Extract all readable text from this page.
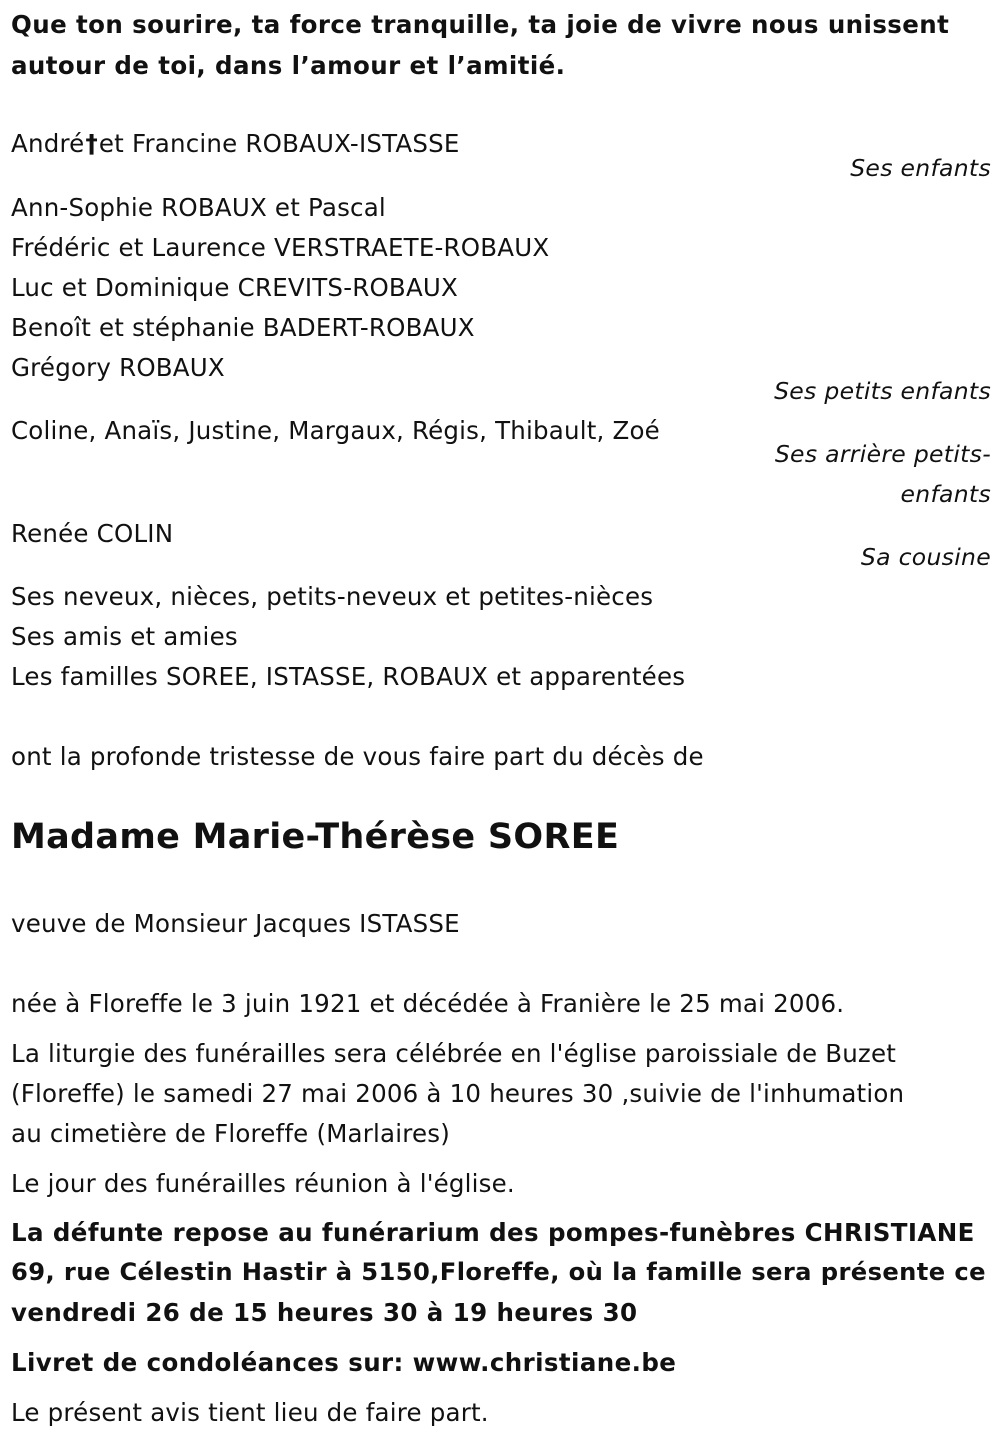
Que ton sourire, ta force tranquille, ta joie de vivre nous unissent
autour de toi, dans l’amour et l’amitié.
André†et Francine ROBAUX-ISTASSE
Ses enfants
Ann-Sophie ROBAUX et Pascal
Frédéric et Laurence VERSTRAETE-ROBAUX
Luc et Dominique CREVITS-ROBAUX
Benoît et stéphanie BADERT-ROBAUX
Grégory ROBAUX
Ses petits enfants
Coline, Anaïs, Justine, Margaux, Régis, Thibault, Zoé
Ses arrière petits-
enfants
Renée COLIN
Sa cousine
Ses neveux, nièces, petits-neveux et petites-nièces
Ses amis et amies
Les familles SOREE, ISTASSE, ROBAUX et apparentées
ont la profonde tristesse de vous faire part du décès de
Madame Marie-Thérèse SOREE
veuve de Monsieur Jacques ISTASSE
née à Floreffe le 3 juin 1921 et décédée à Franière le 25 mai 2006.
La liturgie des funérailles sera célébrée en l'église paroissiale de Buzet
(Floreffe) le samedi 27 mai 2006 à 10 heures 30 ,suivie de l'inhumation
au cimetière de Floreffe (Marlaires)
Le jour des funérailles réunion à l'église.
La défunte repose au funérarium des pompes-funèbres CHRISTIANE
69, rue Célestin Hastir à 5150,Floreffe, où la famille sera présente ce
vendredi 26 de 15 heures 30 à 19 heures 30
Livret de condoléances sur: www.christiane.be
Le présent avis tient lieu de faire part.
